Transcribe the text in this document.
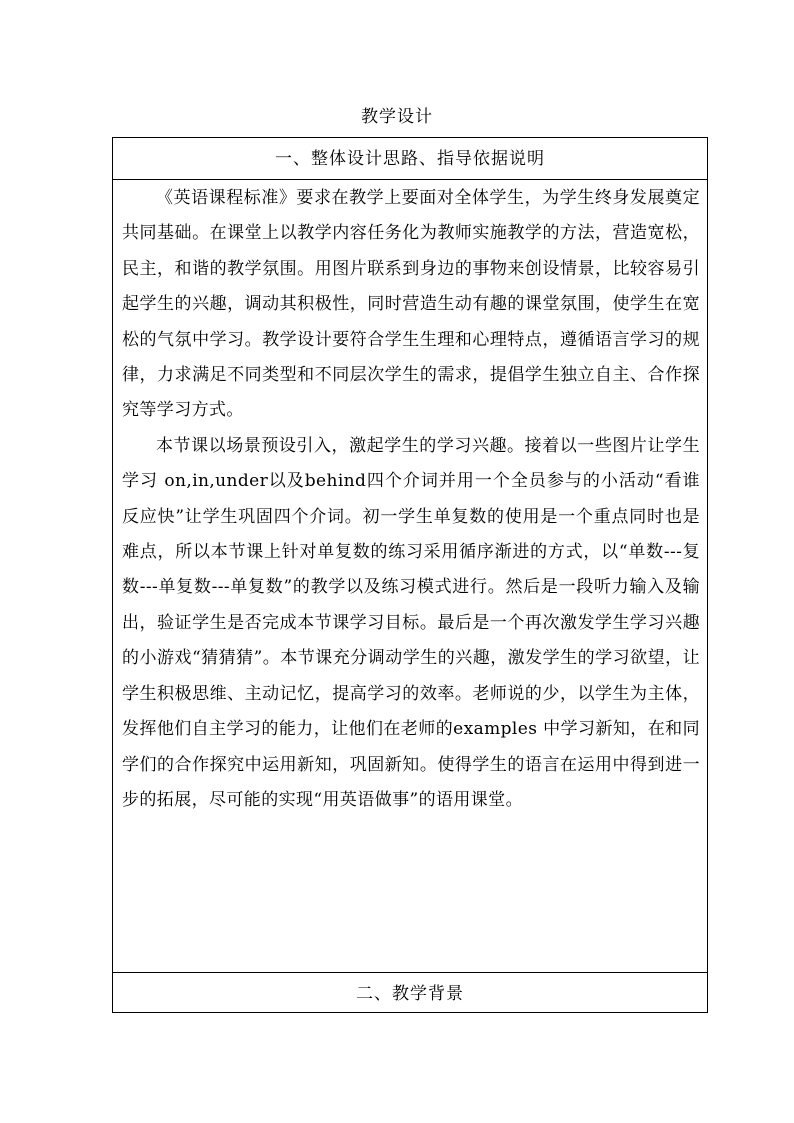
教学设计
一、整体设计思路、指导依据说明

《英语课程标准》要求在教学上要面对全体学生，为学生终身发展奠定共同基础。在课堂上以教学内容任务化为教师实施教学的方法，营造宽松，民主，和谐的教学氛围。用图片联系到身边的事物来创设情景，比较容易引起学生的兴趣，调动其积极性，同时营造生动有趣的课堂氛围，使学生在宽松的气氛中学习。教学设计要符合学生生理和心理特点，遵循语言学习的规律，力求满足不同类型和不同层次学生的需求，提倡学生独立自主、合作探究等学习方式。

本节课以场景预设引入，激起学生的学习兴趣。接着以一些图片让学生学习 on,in,under以及behind四个介词并用一个全员参与的小活动“看谁反应快”让学生巩固四个介词。初一学生单复数的使用是一个重点同时也是难点，所以本节课上针对单复数的练习采用循序渐进的方式，以“单数---复数---单复数---单复数”的教学以及练习模式进行。然后是一段听力输入及输出，验证学生是否完成本节课学习目标。最后是一个再次激发学生学习兴趣的小游戏“猜猜猜”。本节课充分调动学生的兴趣，激发学生的学习欲望，让学生积极思维、主动记忆，提高学习的效率。老师说的少，以学生为主体，发挥他们自主学习的能力，让他们在老师的examples 中学习新知，在和同学们的合作探究中运用新知，巩固新知。使得学生的语言在运用中得到进一步的拓展，尽可能的实现“用英语做事”的语用课堂。

二、教学背景
